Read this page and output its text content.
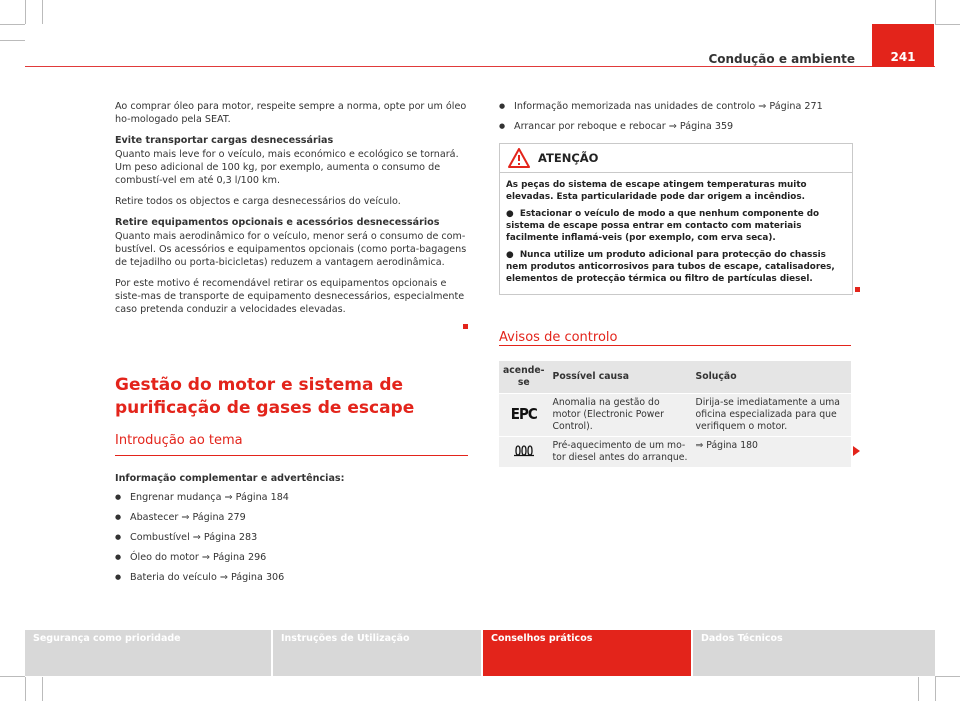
Condução e ambiente	241

Ao comprar óleo para motor, respeite sempre a norma, opte por um óleo ho-mologado pela SEAT.

Evite transportar cargas desnecessárias

Quanto mais leve for o veículo, mais económico e ecológico se tornará. Um peso adicional de 100 kg, por exemplo, aumenta o consumo de combustí-vel em até 0,3 l/100 km.

Retire todos os objectos e carga desnecessários do veículo.

Retire equipamentos opcionais e acessórios desnecessários

Quanto mais aerodinâmico for o veículo, menor será o consumo de com-bustível. Os acessórios e equipamentos opcionais (como porta-bagagens de tejadilho ou porta-bicicletas) reduzem a vantagem aerodinâmica.

Por este motivo é recomendável retirar os equipamentos opcionais e siste-mas de transporte de equipamento desnecessários, especialmente caso pretenda conduzir a velocidades elevadas.

Gestão do motor e sistema de purificação de gases de escape
Introdução ao tema
Informação complementar e advertências:
● Engrenar mudança ⇒ Página 184
● Abastecer ⇒ Página 279
● Combustível ⇒ Página 283
● Óleo do motor ⇒ Página 296
● Bateria do veículo ⇒ Página 306
● Informação memorizada nas unidades de controlo ⇒ Página 271
● Arrancar por reboque e rebocar ⇒ Página 359
ATENÇÃO

As peças do sistema de escape atingem temperaturas muito elevadas. Esta particularidade pode dar origem a incêndios.

●  Estacionar o veículo de modo a que nenhum componente do sistema de escape possa entrar em contacto com materiais facilmente inflamá-veis (por exemplo, com erva seca).

●  Nunca utilize um produto adicional para protecção do chassis nem produtos anticorrosivos para tubos de escape, catalisadores, elementos de protecção térmica ou filtro de partículas diesel.

Avisos de controlo
acende-se	Possível causa	Solução
EPC	Anomalia na gestão do motor (Electronic Power Control).	Dirija-se imediatamente a uma oficina especializada para que verifiquem o motor.
	Pré-aquecimento de um mo-tor diesel antes do arranque.	⇒ Página 180
Segurança como prioridade	Instruções de Utilização	Conselhos práticos	Dados Técnicos
